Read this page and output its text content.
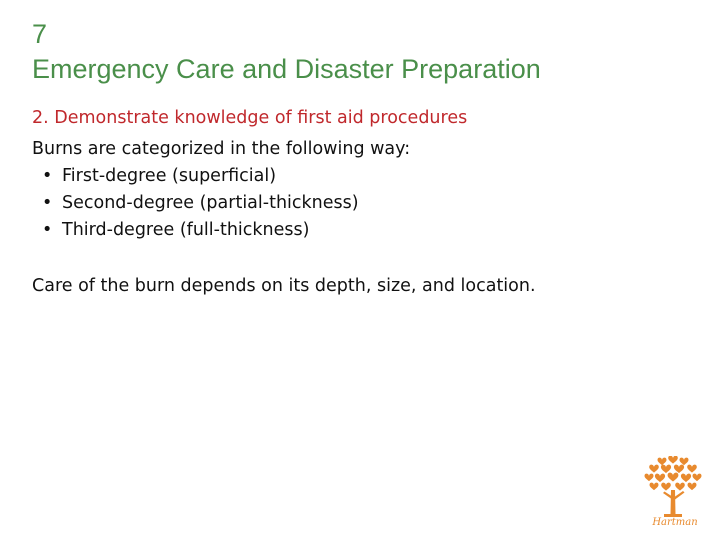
7
Emergency Care and Disaster Preparation
2. Demonstrate knowledge of first aid procedures
Burns are categorized in the following way:
• First-degree (superficial)
• Second-degree (partial-thickness)
• Third-degree (full-thickness)
Care of the burn depends on its depth, size, and location.
Hartman
